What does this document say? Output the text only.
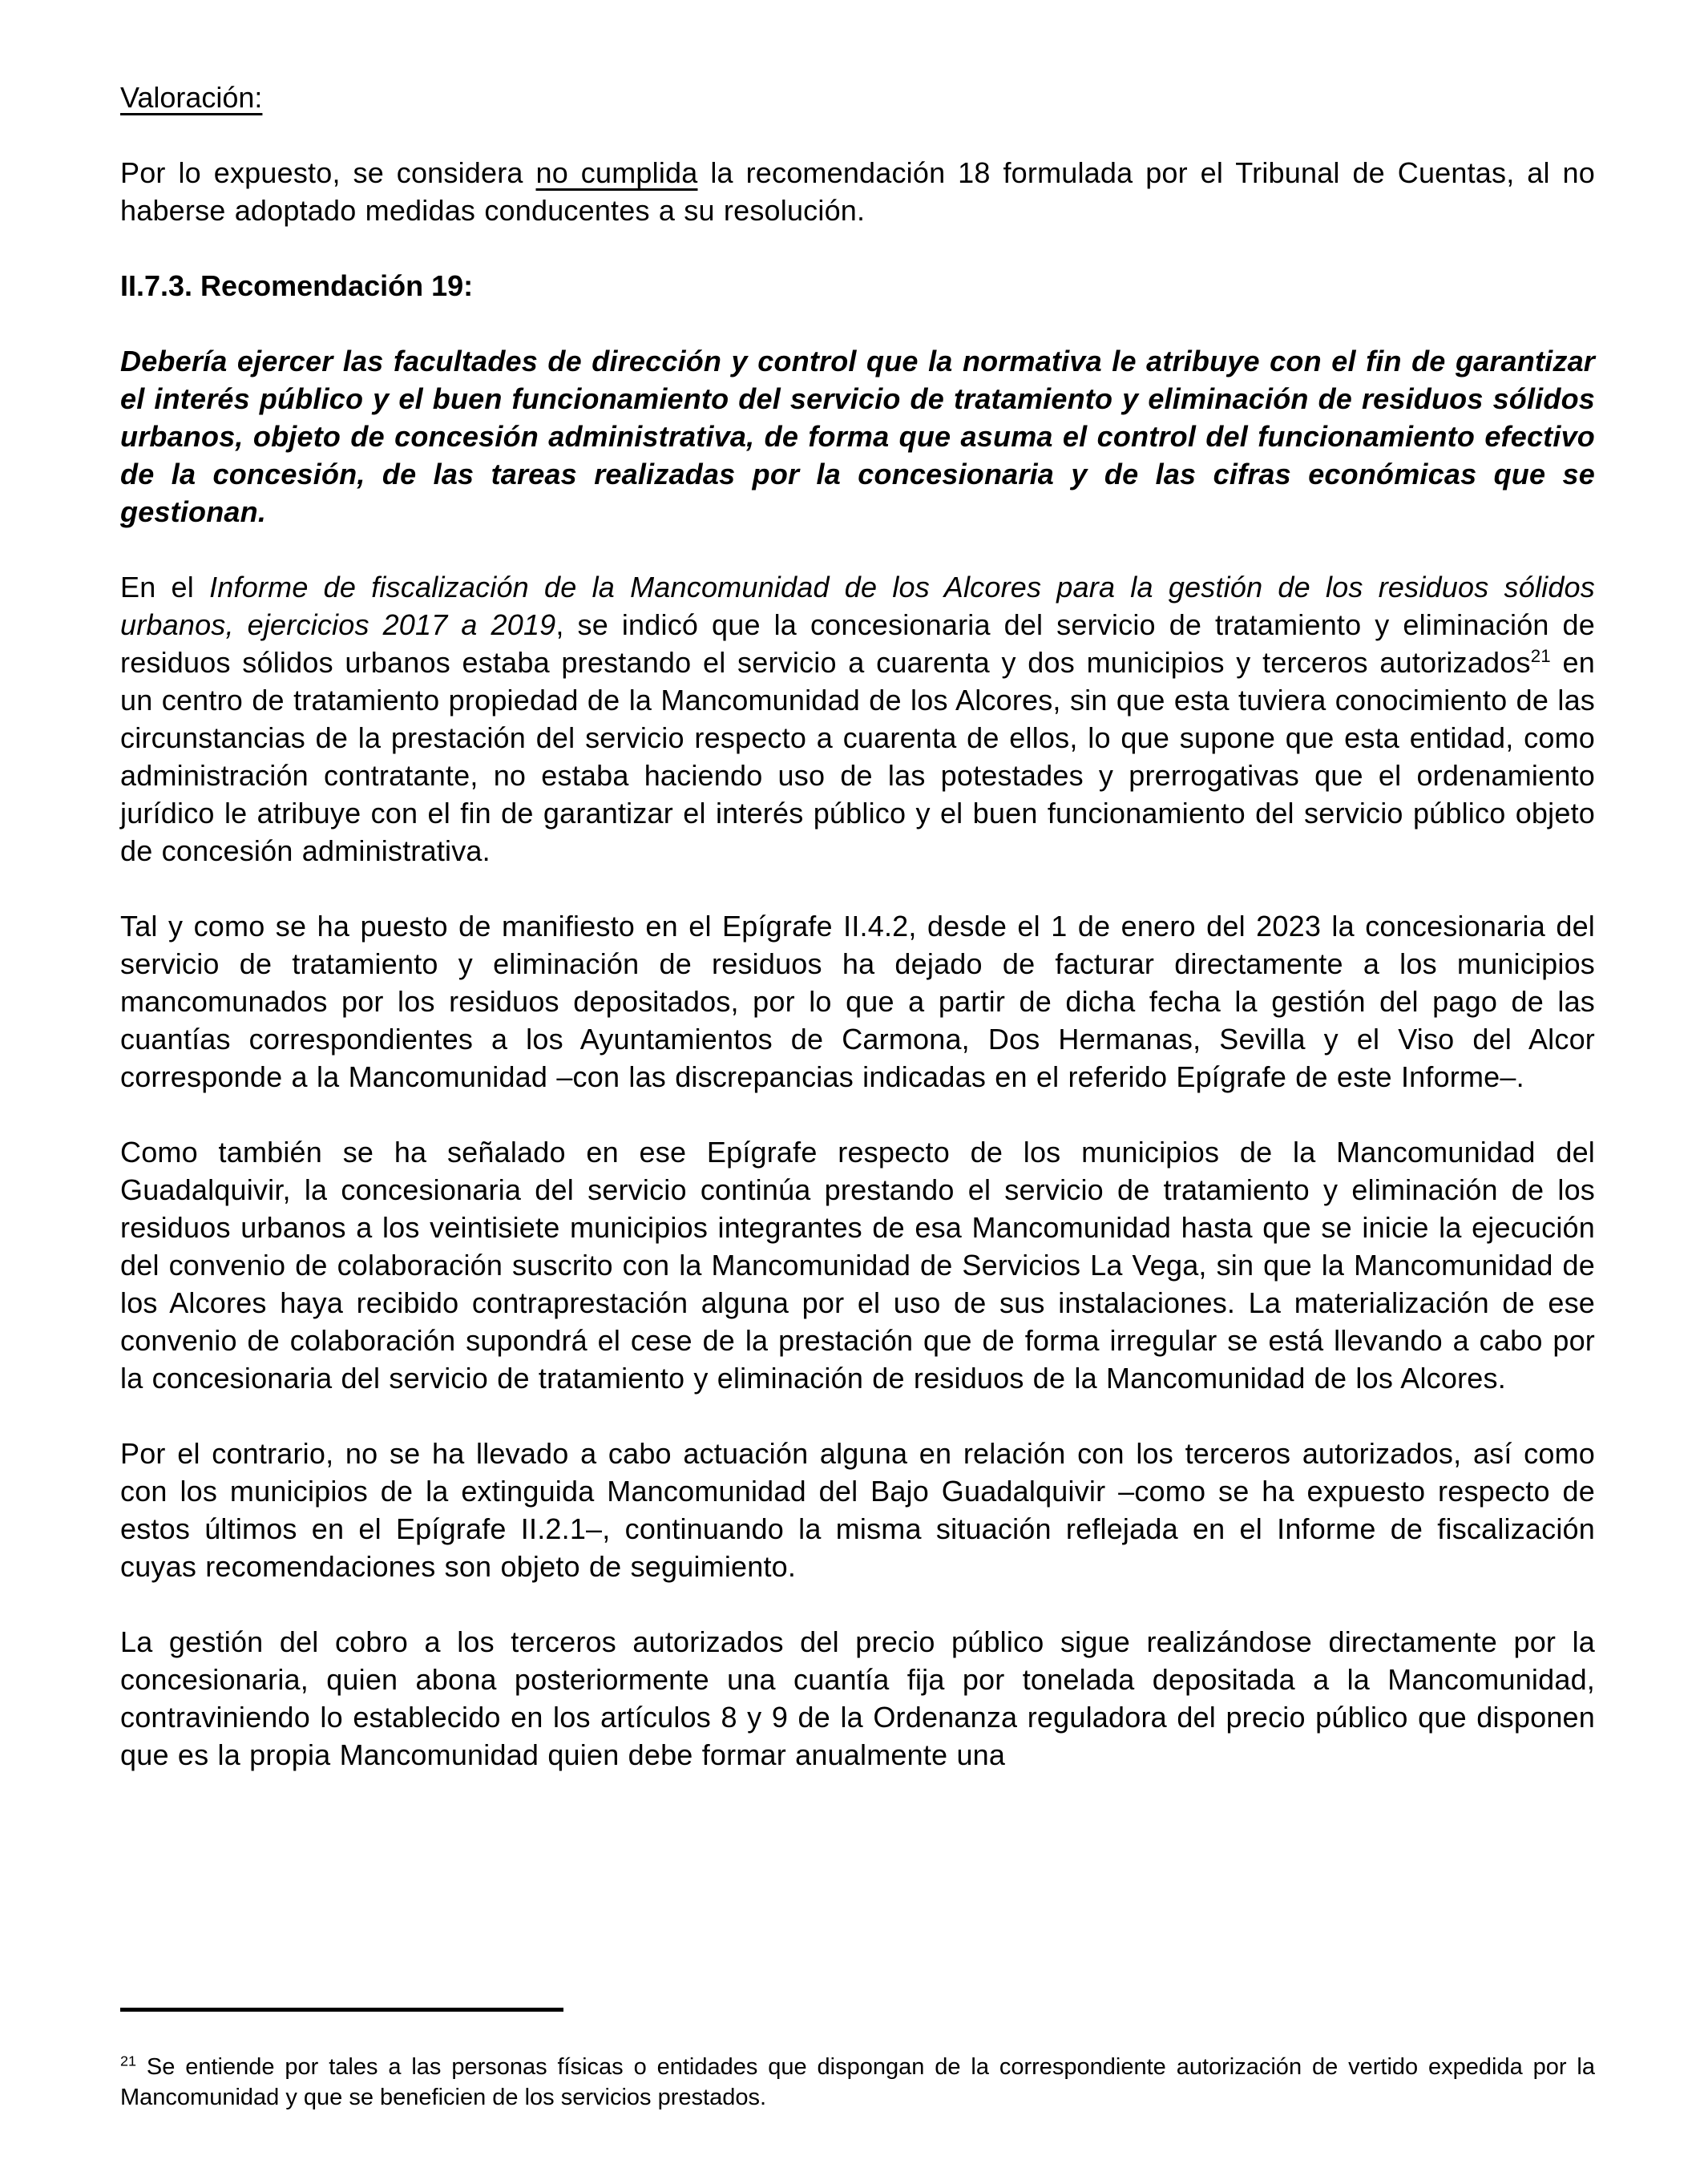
Valoración:

Por lo expuesto, se considera no cumplida la recomendación 18 formulada por el Tribunal de Cuentas, al no haberse adoptado medidas conducentes a su resolución.

II.7.3. Recomendación 19:

Debería ejercer las facultades de dirección y control que la normativa le atribuye con el fin de garantizar el interés público y el buen funcionamiento del servicio de tratamiento y eliminación de residuos sólidos urbanos, objeto de concesión administrativa, de forma que asuma el control del funcionamiento efectivo de la concesión, de las tareas realizadas por la concesionaria y de las cifras económicas que se gestionan.

En el Informe de fiscalización de la Mancomunidad de los Alcores para la gestión de los residuos sólidos urbanos, ejercicios 2017 a 2019, se indicó que la concesionaria del servicio de tratamiento y eliminación de residuos sólidos urbanos estaba prestando el servicio a cuarenta y dos municipios y terceros autorizados$^{21}$ en un centro de tratamiento propiedad de la Mancomunidad de los Alcores, sin que esta tuviera conocimiento de las circunstancias de la prestación del servicio respecto a cuarenta de ellos, lo que supone que esta entidad, como administración contratante, no estaba haciendo uso de las potestades y prerrogativas que el ordenamiento jurídico le atribuye con el fin de garantizar el interés público y el buen funcionamiento del servicio público objeto de concesión administrativa.

Tal y como se ha puesto de manifiesto en el Epígrafe II.4.2, desde el 1 de enero del 2023 la concesionaria del servicio de tratamiento y eliminación de residuos ha dejado de facturar directamente a los municipios mancomunados por los residuos depositados, por lo que a partir de dicha fecha la gestión del pago de las cuantías correspondientes a los Ayuntamientos de Carmona, Dos Hermanas, Sevilla y el Viso del Alcor corresponde a la Mancomunidad –con las discrepancias indicadas en el referido Epígrafe de este Informe–.

Como también se ha señalado en ese Epígrafe respecto de los municipios de la Mancomunidad del Guadalquivir, la concesionaria del servicio continúa prestando el servicio de tratamiento y eliminación de los residuos urbanos a los veintisiete municipios integrantes de esa Mancomunidad hasta que se inicie la ejecución del convenio de colaboración suscrito con la Mancomunidad de Servicios La Vega, sin que la Mancomunidad de los Alcores haya recibido contraprestación alguna por el uso de sus instalaciones. La materialización de ese convenio de colaboración supondrá el cese de la prestación que de forma irregular se está llevando a cabo por la concesionaria del servicio de tratamiento y eliminación de residuos de la Mancomunidad de los Alcores.

Por el contrario, no se ha llevado a cabo actuación alguna en relación con los terceros autorizados, así como con los municipios de la extinguida Mancomunidad del Bajo Guadalquivir –como se ha expuesto respecto de estos últimos en el Epígrafe II.2.1–, continuando la misma situación reflejada en el Informe de fiscalización cuyas recomendaciones son objeto de seguimiento.

La gestión del cobro a los terceros autorizados del precio público sigue realizándose directamente por la concesionaria, quien abona posteriormente una cuantía fija por tonelada depositada a la Mancomunidad, contraviniendo lo establecido en los artículos 8 y 9 de la Ordenanza reguladora del precio público que disponen que es la propia Mancomunidad quien debe formar anualmente una

$^{21}$ Se entiende por tales a las personas físicas o entidades que dispongan de la correspondiente autorización de vertido expedida por la Mancomunidad y que se beneficien de los servicios prestados.
